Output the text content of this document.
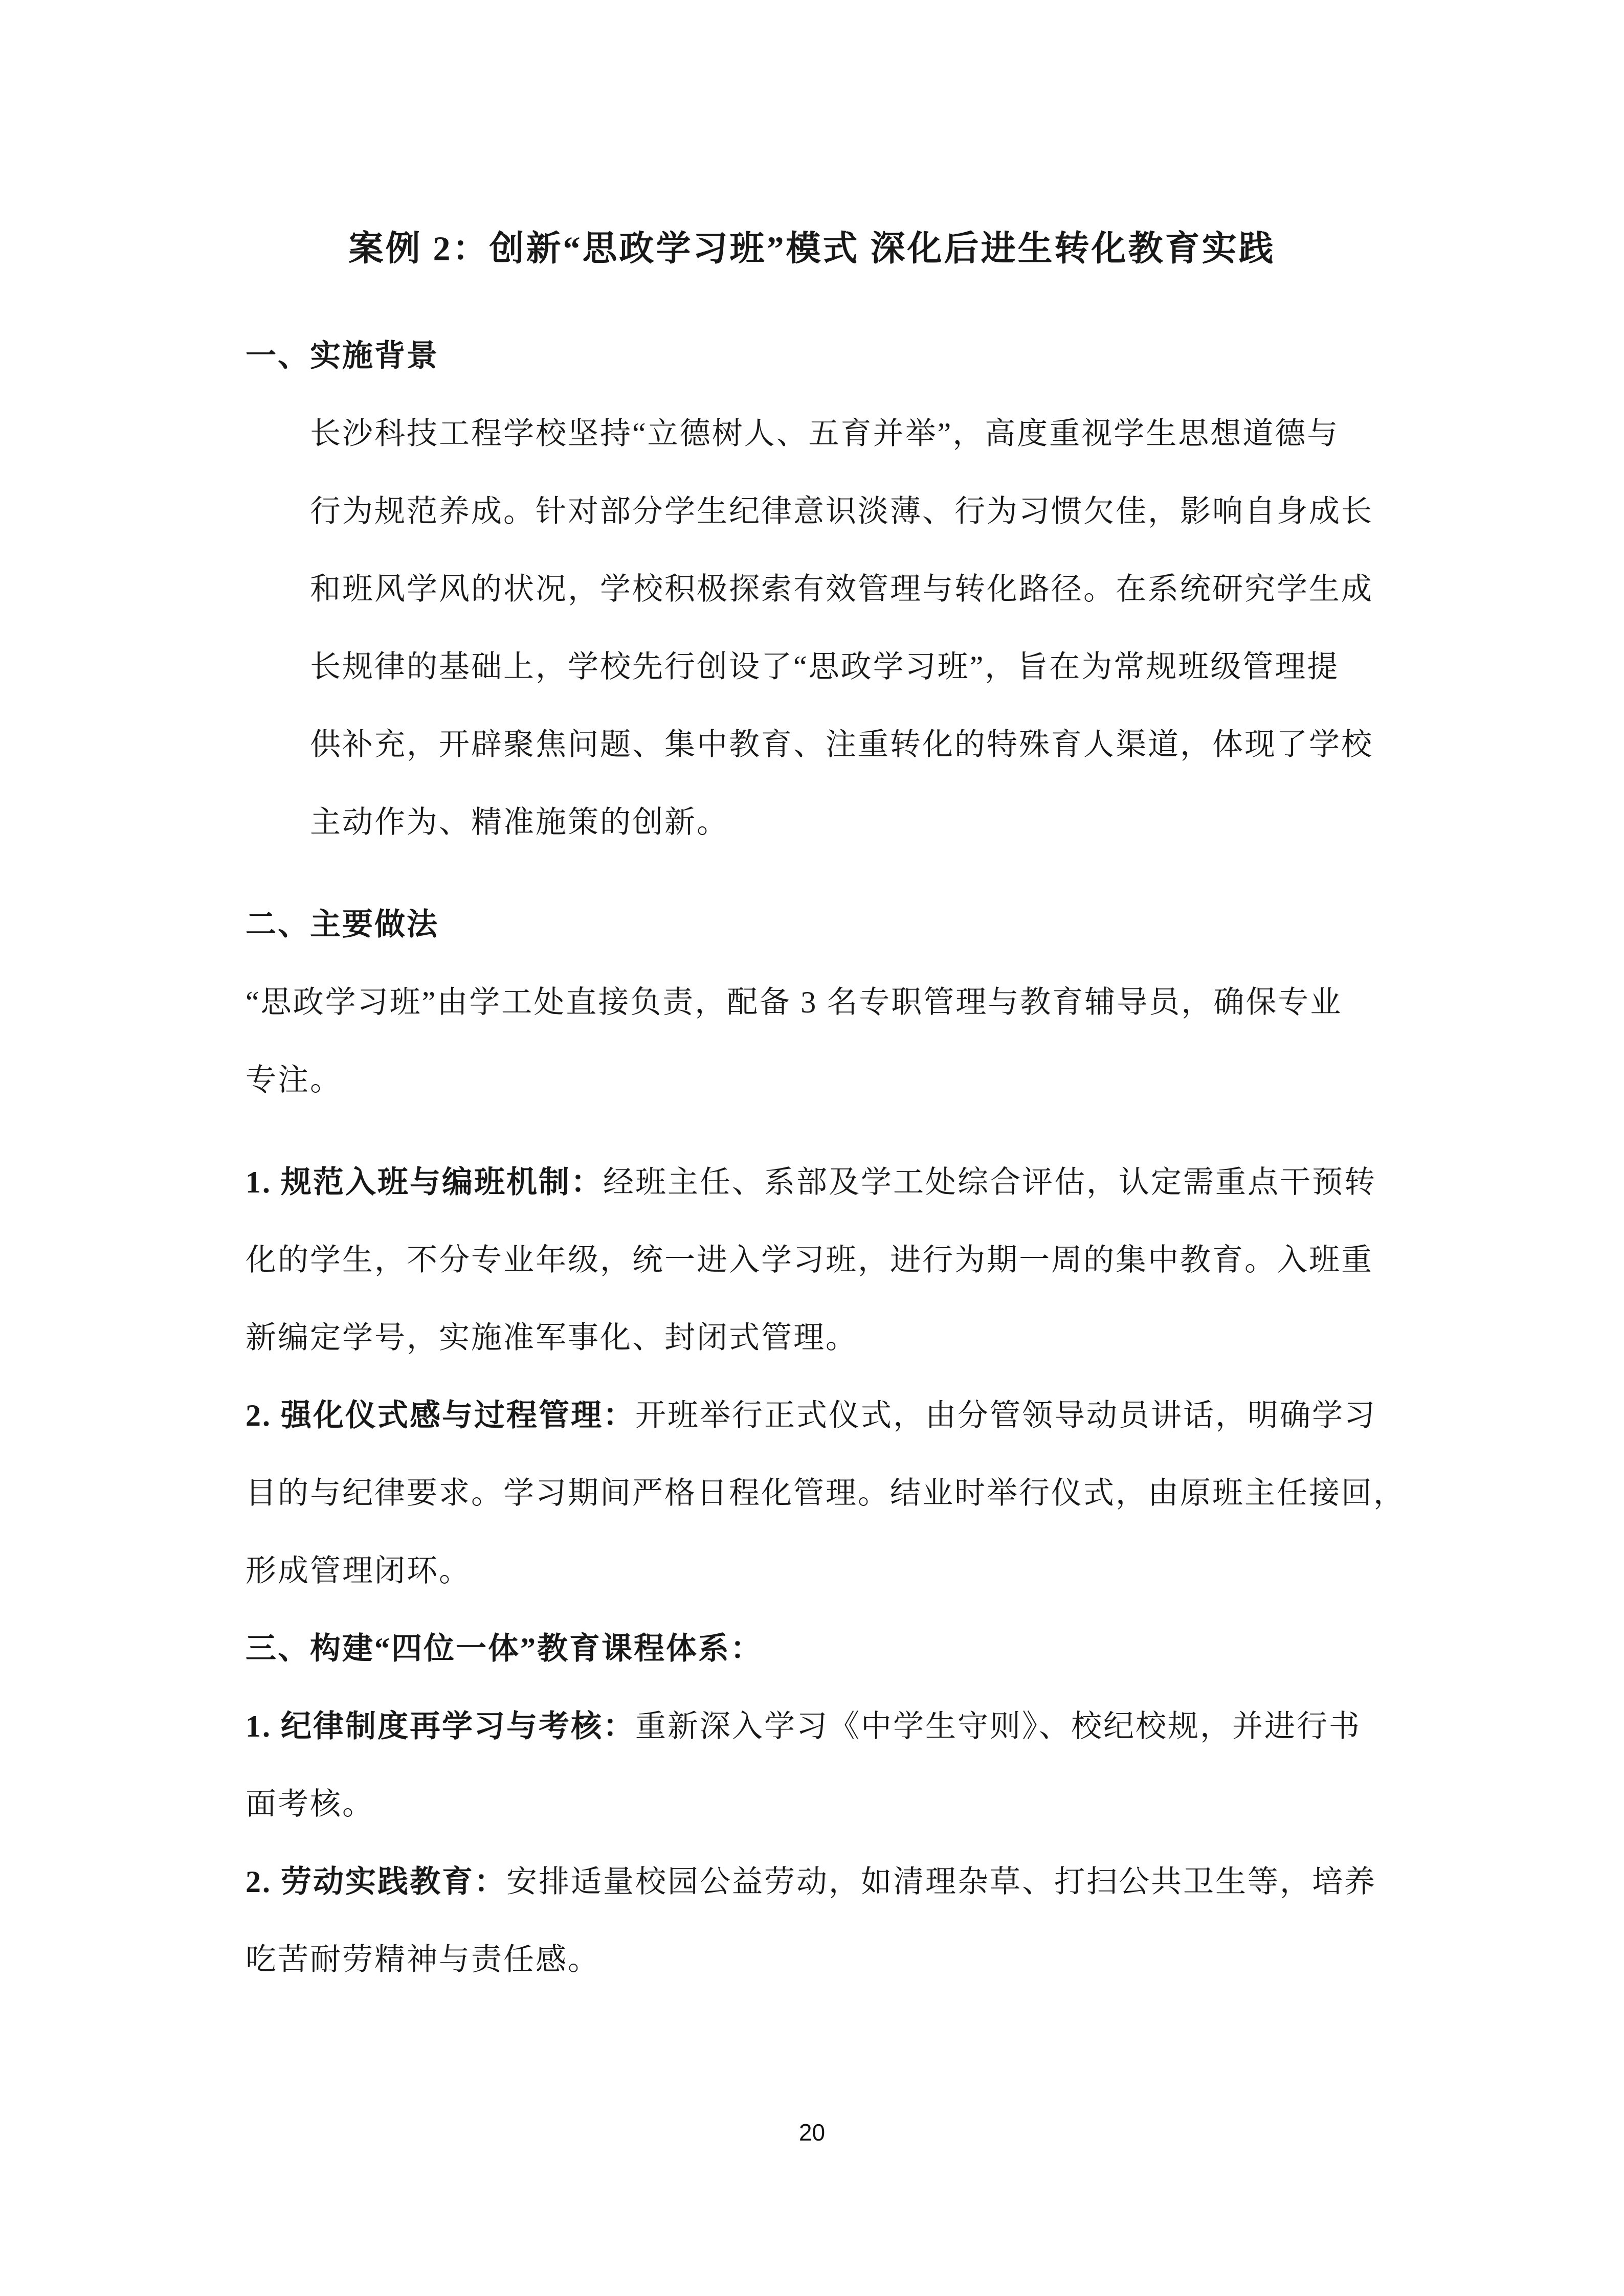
案例 2：创新“思政学习班”模式 深化后进生转化教育实践
一、实施背景
长沙科技工程学校坚持“立德树人、五育并举”，高度重视学生思想道德与
行为规范养成。针对部分学生纪律意识淡薄、行为习惯欠佳，影响自身成长
和班风学风的状况，学校积极探索有效管理与转化路径。在系统研究学生成
长规律的基础上，学校先行创设了“思政学习班”，旨在为常规班级管理提
供补充，开辟聚焦问题、集中教育、注重转化的特殊育人渠道，体现了学校
主动作为、精准施策的创新。
二、主要做法
“思政学习班”由学工处直接负责，配备 3 名专职管理与教育辅导员，确保专业
专注。
1. 规范入班与编班机制：经班主任、系部及学工处综合评估，认定需重点干预转
化的学生，不分专业年级，统一进入学习班，进行为期一周的集中教育。入班重
新编定学号，实施准军事化、封闭式管理。
2. 强化仪式感与过程管理：开班举行正式仪式，由分管领导动员讲话，明确学习
目的与纪律要求。学习期间严格日程化管理。结业时举行仪式，由原班主任接回，
形成管理闭环。
三、构建“四位一体”教育课程体系：
1. 纪律制度再学习与考核：重新深入学习《中学生守则》、校纪校规，并进行书
面考核。
2. 劳动实践教育：安排适量校园公益劳动，如清理杂草、打扫公共卫生等，培养
吃苦耐劳精神与责任感。
20
